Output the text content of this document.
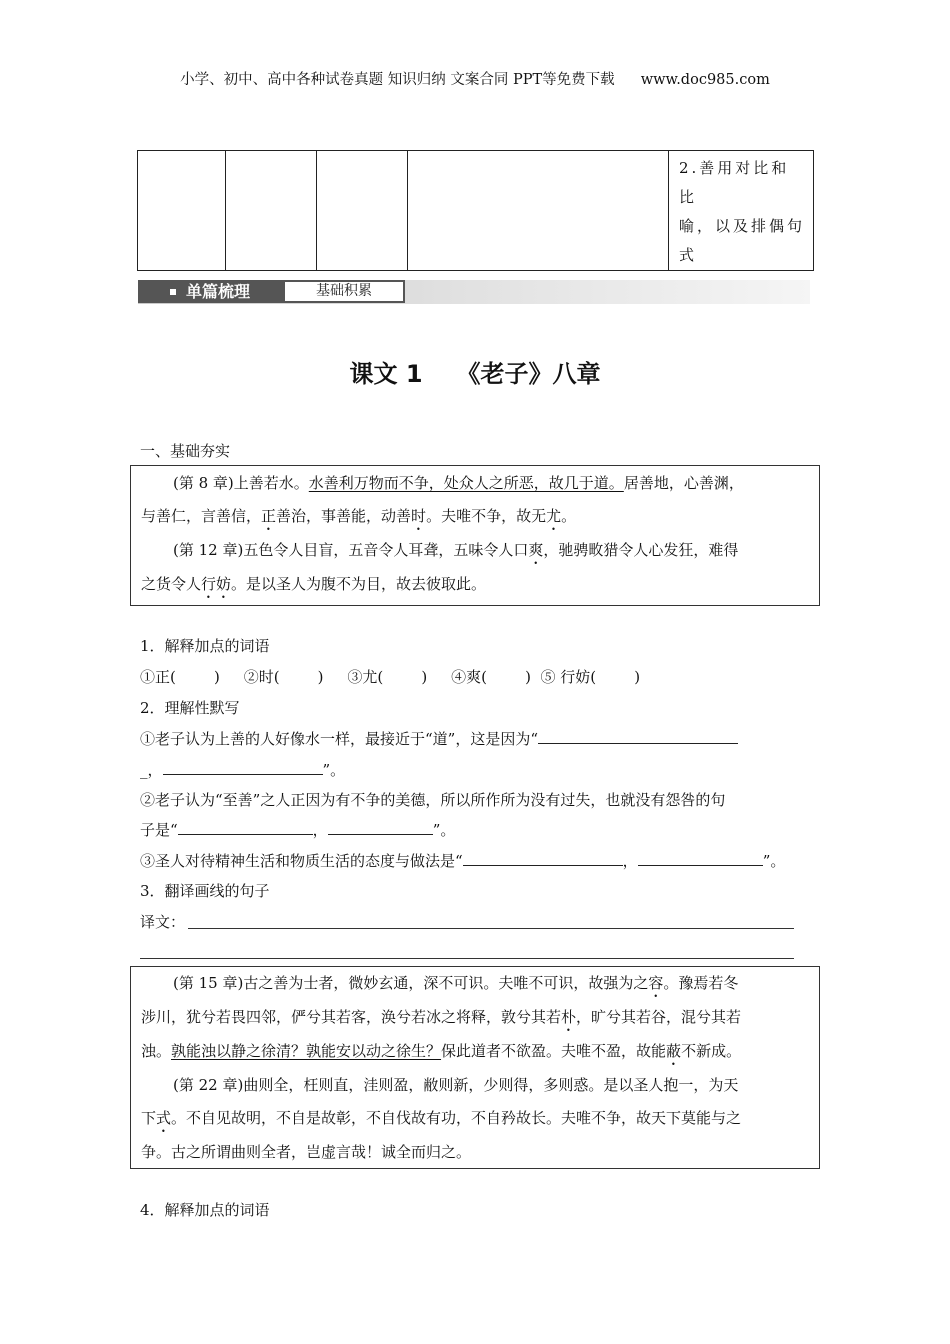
小学、初中、高中各种试卷真题 知识归纳 文案合同 PPT等免费下载 www.doc985.com

2.善用对比和比
喻，以及排偶句
式
单篇梳理	基础积累
课文 1 《老子》八章
一、基础夯实

(第 8 章)上善若水。水善利万物而不争，处众人之所恶，故几于道。居善地，心善渊，

与善仁，言善信，正善治，事善能，动善时。夫唯不争，故无尤。

(第 12 章)五色令人目盲，五音令人耳聋，五味令人口爽，驰骋畋猎令人心发狂，难得

之货令人行妨。是以圣人为腹不为目，故去彼取此。

1．解释加点的词语
①正(        )     ②时(        )     ③尤(        )     ④爽(        )  ⑤ 行妨(        )
2．理解性默写
①老子认为上善的人好像水一样，最接近于“道”，这是因为“
_，	”。
②老子认为“至善”之人正因为有不争的美德，所以所作所为没有过失，也就没有怨咎的句
子是“	，	”。
③圣人对待精神生活和物质生活的态度与做法是“	，	”。
3．翻译画线的句子
译文：

(第 15 章)古之善为士者，微妙玄通，深不可识。夫唯不可识，故强为之容。豫焉若冬

涉川，犹兮若畏四邻，俨兮其若客，涣兮若冰之将释，敦兮其若朴，旷兮其若谷，混兮其若

浊。孰能浊以静之徐清？孰能安以动之徐生？保此道者不欲盈。夫唯不盈，故能蔽不新成。

(第 22 章)曲则全，枉则直，洼则盈，敝则新，少则得，多则惑。是以圣人抱一，为天

下式。不自见故明，不自是故彰，不自伐故有功，不自矜故长。夫唯不争，故天下莫能与之

争。古之所谓曲则全者，岂虚言哉！诚全而归之。

4．解释加点的词语
